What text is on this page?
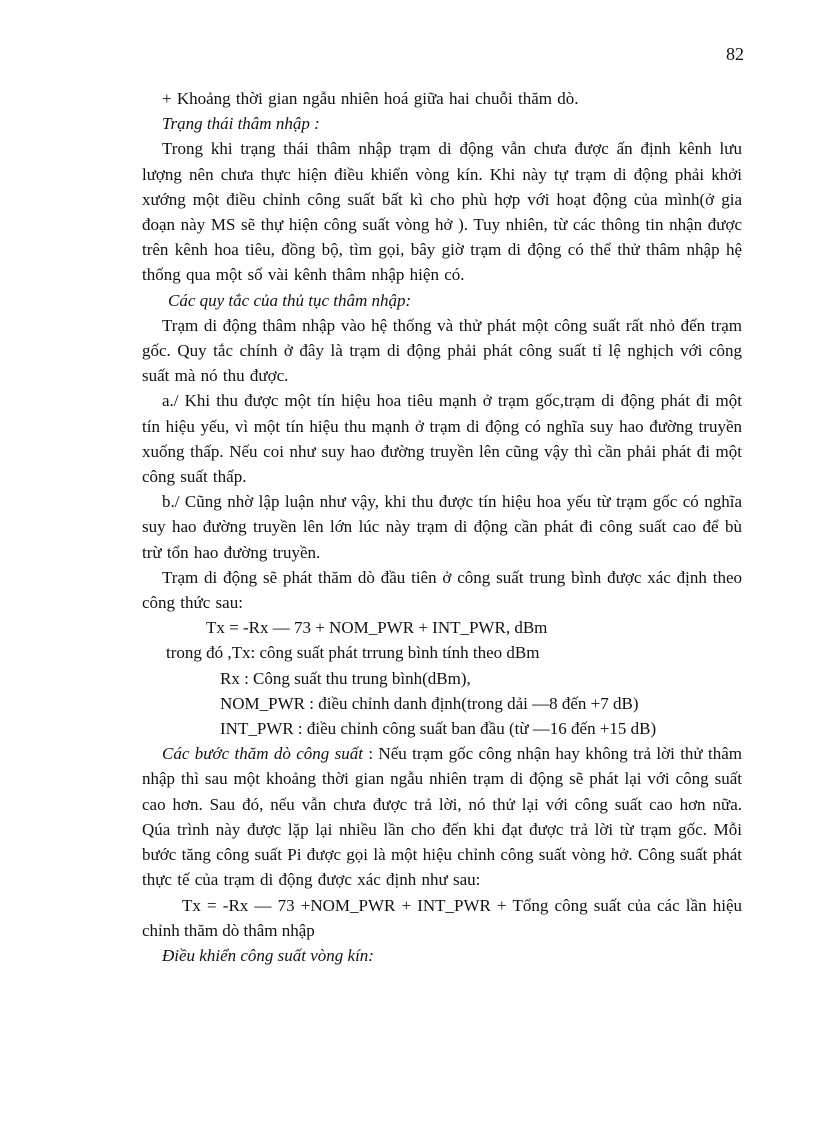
82

+ Khoảng thời gian ngẫu nhiên hoá giữa hai chuỗi thăm dò.

Trạng thái thâm nhập :

Trong khi trạng thái thâm nhập trạm di động vẫn chưa được ấn định kênh lưu lượng nên chưa thực hiện điều khiển vòng kín. Khi này tự trạm di động phải khởi xướng một điều chỉnh công suất bất kì cho phù hợp với hoạt động của mình(ở gia đoạn này MS sẽ thự hiện công suất vòng hở ). Tuy nhiên, từ các thông tin nhận được trên kênh hoa tiêu, đồng bộ, tìm gọi, bây giờ trạm di động có thể thử thâm nhập hệ thống qua một số vài kênh thâm nhập hiện có.

Các quy tắc của thủ tục thâm nhập:

Trạm di động thâm nhập vào hệ thống và thử phát một công suất rất nhỏ đến trạm gốc. Quy tắc chính ở đây là trạm di động phải phát công suất tỉ lệ nghịch với công suất mà nó thu được.

a./ Khi thu được một tín hiệu hoa tiêu mạnh ở trạm gốc,trạm di động phát đi một tín hiệu yếu, vì một tín hiệu thu mạnh ở trạm di động có nghĩa suy hao đường truyền xuống thấp. Nếu coi như suy hao đường truyền lên cũng vậy thì cần phải phát đi một công suất thấp.

b./ Cũng nhờ lập luận như vậy, khi thu được tín hiệu hoa yếu từ trạm gốc có nghĩa suy hao đường truyền lên lớn lúc này trạm di động cần phát đi công suất cao để bù trừ tổn hao đường truyền.

Trạm di động sẽ phát thăm dò đầu tiên ở công suất trung bình được xác định theo công thức sau:

Tx = -Rx — 73 + NOM_PWR + INT_PWR, dBm

trong đó ,Tx: công suất phát trrung bình tính theo dBm

Rx : Công suất thu trung bình(dBm),

NOM_PWR : điều chỉnh danh định(trong dải —8 đến +7 dB)

INT_PWR : điều chỉnh công suất ban đầu (từ —16 đến +15 dB)

Các bước thăm dò công suất : Nếu trạm gốc công nhận hay không trả lời thử thâm nhập thì sau một khoảng thời gian ngẫu nhiên trạm di động sẽ phát lại với công suất cao hơn. Sau đó, nếu vẫn chưa được trả lời, nó thử lại với công suất cao hơn nữa. Qúa trình này được lặp lại nhiều lần cho đến khi đạt được trả lời từ trạm gốc. Mỗi bước tăng công suất Pi được gọi là một hiệu chỉnh công suất vòng hở. Công suất phát thực tế của trạm di động được xác định như sau:

Tx = -Rx — 73 +NOM_PWR + INT_PWR + Tổng công suất của các lần hiệu chỉnh thăm dò thâm nhập

Điều khiển công suất vòng kín:
